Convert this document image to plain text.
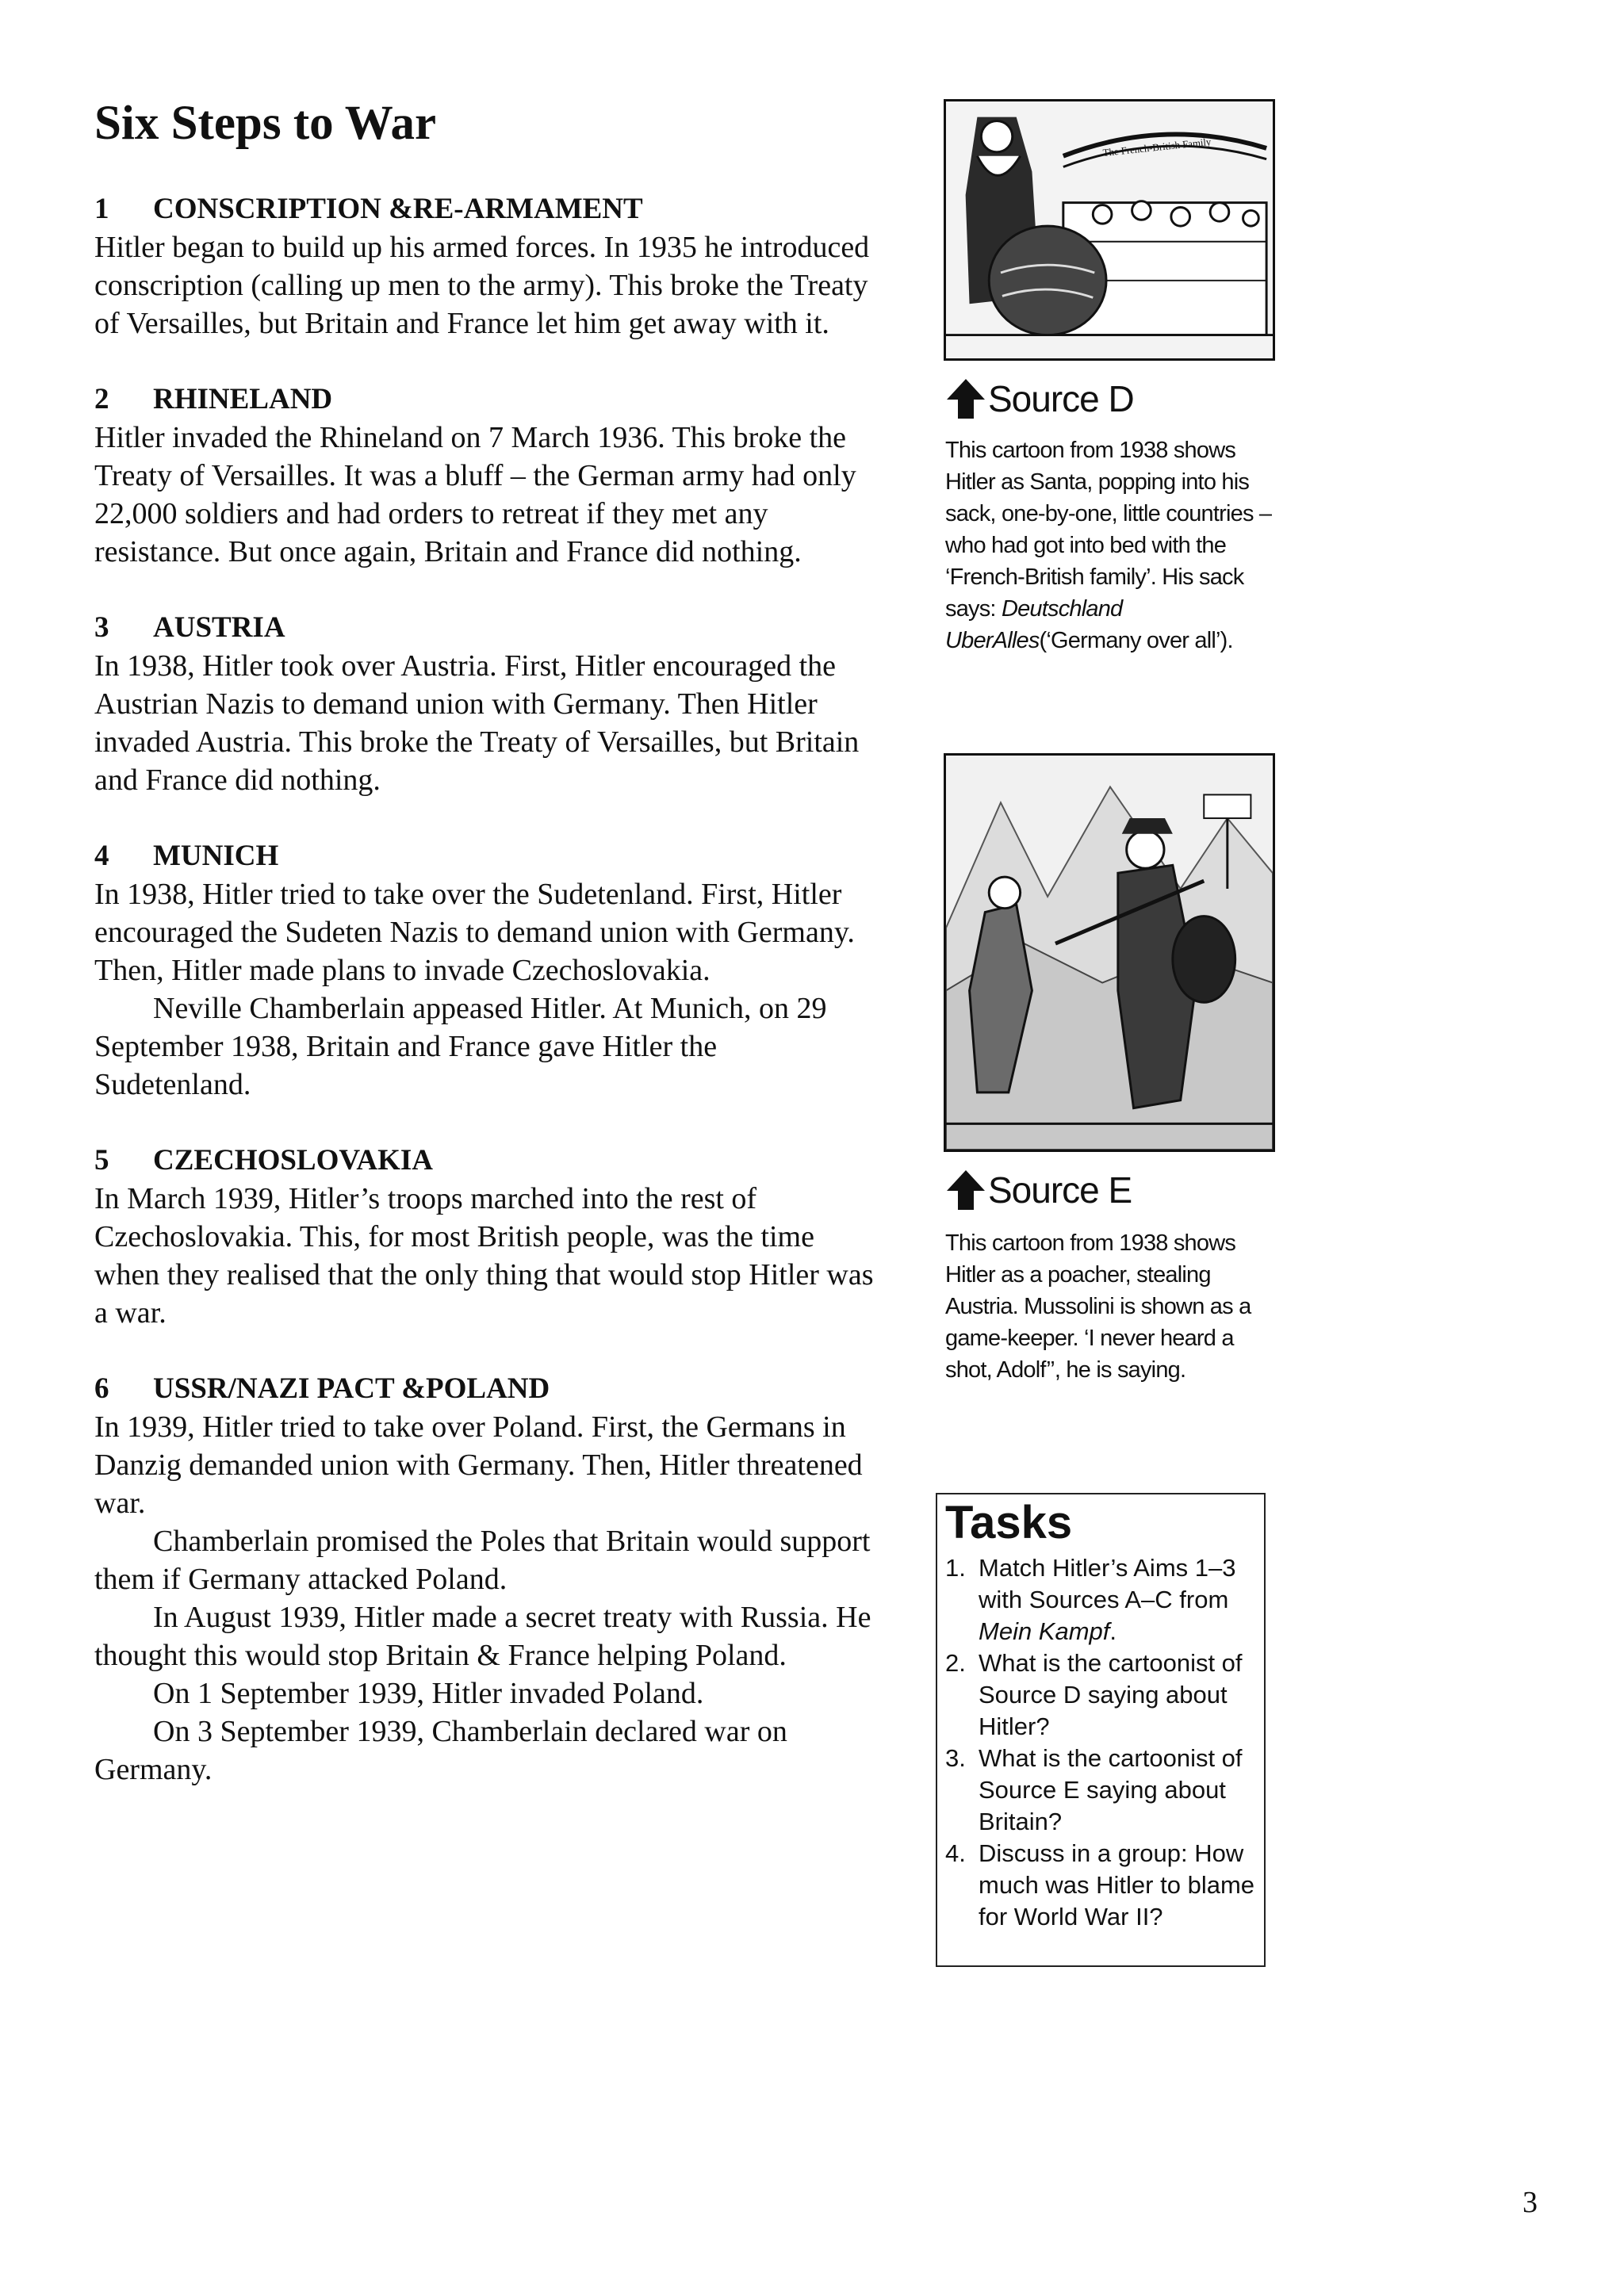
Six Steps to War

1 CONSCRIPTION &RE-ARMAMENT

Hitler began to build up his armed forces. In 1935 he introduced conscription (calling up men to the army). This broke the Treaty of Versailles, but Britain and France let him get away with it.

2 RHINELAND

Hitler invaded the Rhineland on 7 March 1936. This broke the Treaty of Versailles. It was a bluff – the German army had only 22,000 soldiers and had orders to retreat if they met any resistance. But once again, Britain and France did nothing.

3 AUSTRIA

In 1938, Hitler took over Austria. First, Hitler encouraged the Austrian Nazis to demand union with Germany. Then Hitler invaded Austria. This broke the Treaty of Versailles, but Britain and France did nothing.

4 MUNICH

In 1938, Hitler tried to take over the Sudetenland. First, Hitler encouraged the Sudeten Nazis to demand union with Germany. Then, Hitler made plans to invade Czechoslovakia.

Neville Chamberlain appeased Hitler. At Munich, on 29 September 1938, Britain and France gave Hitler the Sudetenland.

5 CZECHOSLOVAKIA

In March 1939, Hitler’s troops marched into the rest of Czechoslovakia. This, for most British people, was the time when they realised that the only thing that would stop Hitler was a war.

6 USSR/NAZI PACT &POLAND

In 1939, Hitler tried to take over Poland. First, the Germans in Danzig demanded union with Germany. Then, Hitler threatened war.

Chamberlain promised the Poles that Britain would support them if Germany attacked Poland.

In August 1939, Hitler made a secret treaty with Russia. He thought this would stop Britain & France helping Poland.

On 1 September 1939, Hitler invaded Poland.

On 3 September 1939, Chamberlain declared war on Germany.

The French-British Family
Source D
This cartoon from 1938 shows Hitler as Santa, popping into his sack, one-by-one, little countries – who had got into bed with the ‘French-British family’. His sack says: Deutschland UberAlles(‘Germany over all’).
Source E
This cartoon from 1938 shows Hitler as a poacher, stealing Austria. Mussolini is shown as a game-keeper. ‘I never heard a shot, Adolf’’, he is saying.

Tasks

1. Match Hitler’s Aims 1–3 with Sources A–C from Mein Kampf.
2. What is the cartoonist of Source D saying about Hitler?
3. What is the cartoonist of Source E saying about Britain?
4. Discuss in a group: How much was Hitler to blame for World War II?
3
